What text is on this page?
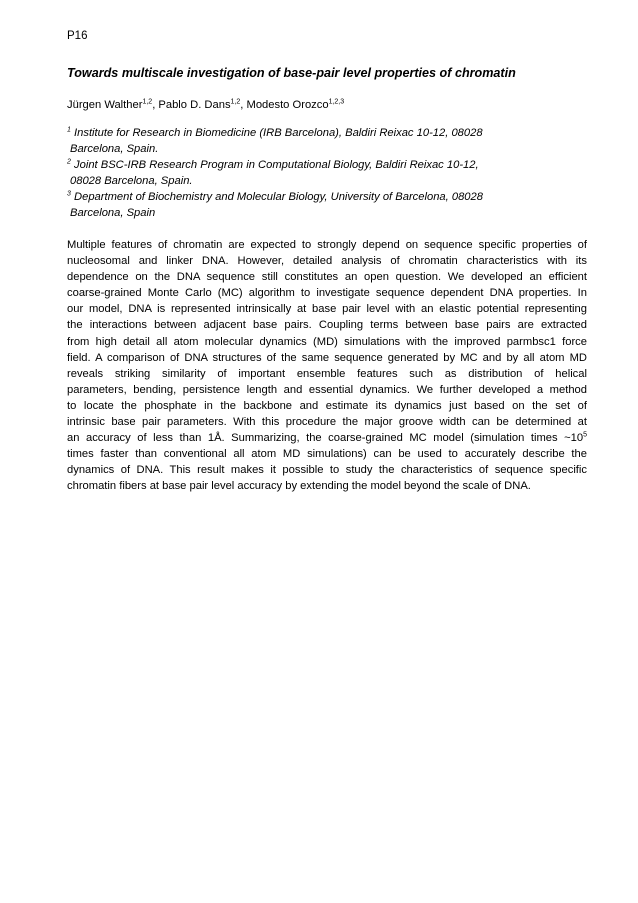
P16
Towards multiscale investigation of base-pair level properties of chromatin
Jürgen Walther$^{1,2}$, Pablo D. Dans$^{1,2}$, Modesto Orozco$^{1,2,3}$
$^1$ Institute for Research in Biomedicine (IRB Barcelona), Baldiri Reixac 10-12, 08028
Barcelona, Spain.
$^2$ Joint BSC-IRB Research Program in Computational Biology, Baldiri Reixac 10-12,
08028 Barcelona, Spain.
$^3$ Department of Biochemistry and Molecular Biology, University of Barcelona, 08028
Barcelona, Spain
Multiple features of chromatin are expected to strongly depend on sequence specific properties of
nucleosomal and linker DNA. However, detailed analysis of chromatin characteristics with its
dependence on the DNA sequence still constitutes an open question. We developed an efficient
coarse-grained Monte Carlo (MC) algorithm to investigate sequence dependent DNA properties. In
our model, DNA is represented intrinsically at base pair level with an elastic potential representing
the interactions between adjacent base pairs. Coupling terms between base pairs are extracted
from high detail all atom molecular dynamics (MD) simulations with the improved parmbsc1 force
field. A comparison of DNA structures of the same sequence generated by MC and by all atom MD
reveals striking similarity of important ensemble features such as distribution of helical
parameters, bending, persistence length and essential dynamics. We further developed a method
to locate the phosphate in the backbone and estimate its dynamics just based on the set of
intrinsic base pair parameters. With this procedure the major groove width can be determined at
an accuracy of less than 1Å. Summarizing, the coarse-grained MC model (simulation times $\sim 10^5$
times faster than conventional all atom MD simulations) can be used to accurately describe the
dynamics of DNA. This result makes it possible to study the characteristics of sequence specific
chromatin fibers at base pair level accuracy by extending the model beyond the scale of DNA.
